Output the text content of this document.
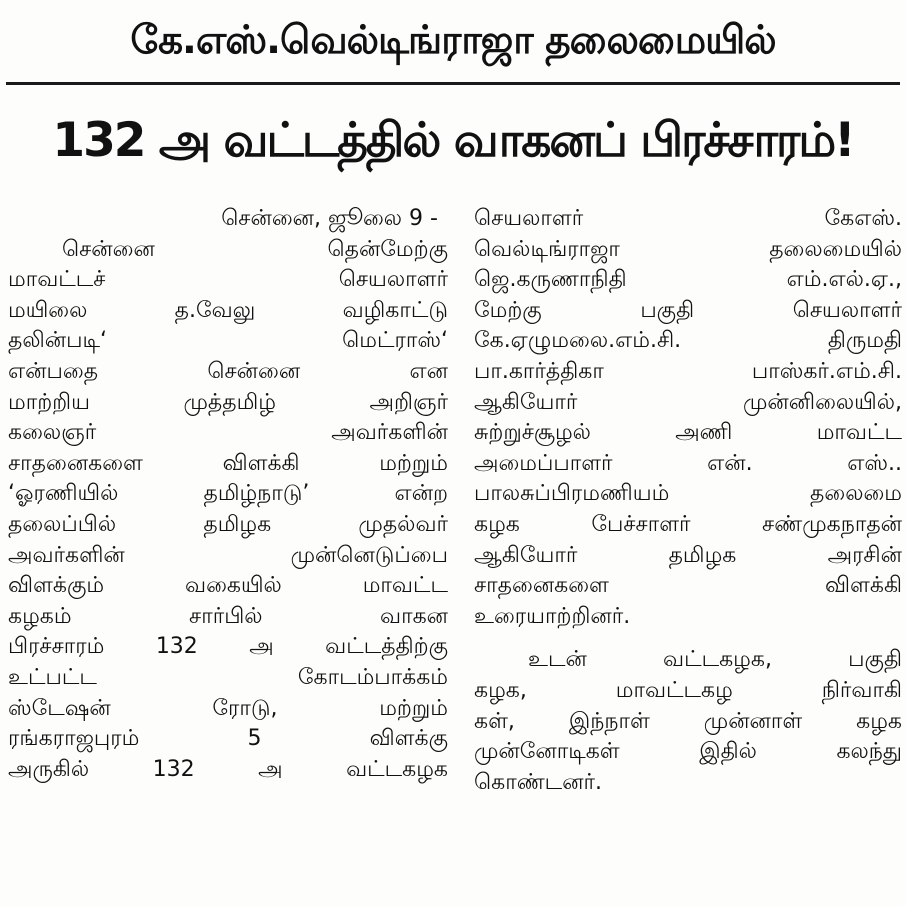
கே.எஸ்.வெல்டிங்ராஜா தலைமையில்
132 அ வட்டத்தில் வாகனப் பிரச்சாரம்!
சென்னை, ஜூலை 9 -
சென்னை தென்மேற்கு
மாவட்டச் செயலாளர்
மயிலை த.வேலு வழிகாட்டு
தலின்படி‘ மெட்ராஸ்‘
என்பதை சென்னை என
மாற்றிய முத்தமிழ் அறிஞர்
கலைஞர் அவர்களின்
சாதனைகளை விளக்கி மற்றும்
‘ஓரணியில் தமிழ்நாடு’ என்ற
தலைப்பில் தமிழக முதல்வர்
அவர்களின் முன்னெடுப்பை
விளக்கும் வகையில் மாவட்ட
கழகம் சார்பில் வாகன
பிரச்சாரம் 132 அ வட்டத்திற்கு
உட்பட்ட கோடம்பாக்கம்
ஸ்டேஷன் ரோடு, மற்றும்
ரங்கராஜபுரம் 5 விளக்கு
அருகில் 132 அ வட்டகழக
செயலாளர் கேஎஸ்.
வெல்டிங்ராஜா தலைமையில்
ஜெ.கருணாநிதி எம்.எல்.ஏ.,
மேற்கு பகுதி செயலாளர்
கே.ஏழுமலை.எம்.சி. திருமதி
பா.கார்த்திகா பாஸ்கர்.எம்.சி.
ஆகியோர் முன்னிலையில்,
சுற்றுச்சூழல் அணி மாவட்ட
அமைப்பாளர் என். எஸ்..
பாலசுப்பிரமணியம் தலைமை
கழக பேச்சாளர் சண்முகநாதன்
ஆகியோர் தமிழக அரசின்
சாதனைகளை விளக்கி
உரையாற்றினர்.
உடன் வட்டகழக, பகுதி
கழக, மாவட்டகழ நிர்வாகி
கள், இந்நாள் முன்னாள் கழக
முன்னோடிகள் இதில் கலந்து
கொண்டனர்.
